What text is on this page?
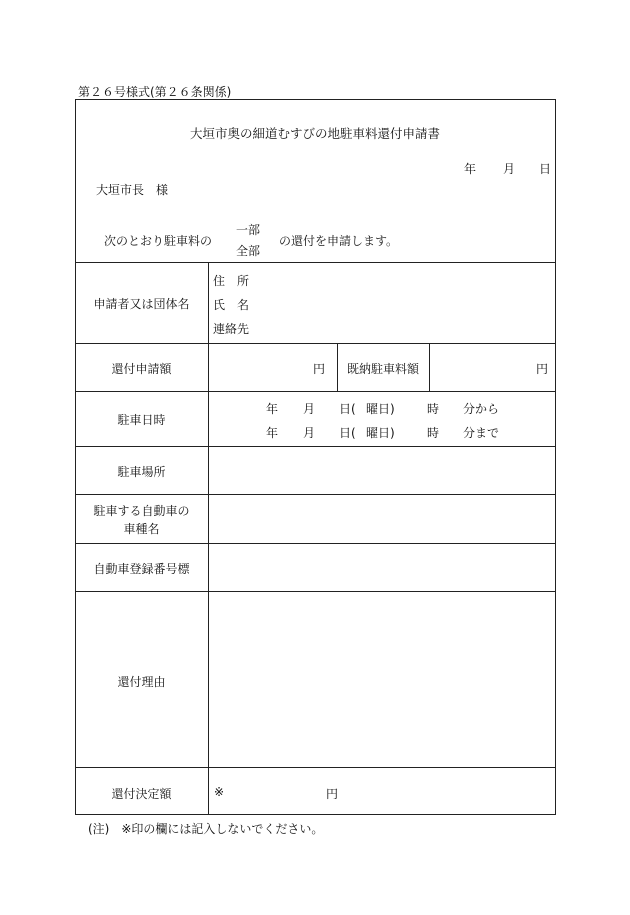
第２６号様式(第２６条関係)
大垣市奥の細道むすびの地駐車料還付申請書
年 月 日
大垣市長　様
次のとおり駐車料の
一部
全部
の還付を申請します。
申請者又は団体名
住　所
氏　名
連絡先
還付申請額	円 既納駐車料額	円
駐車日時
年 月 日( 曜日)	時 分から
年 月 日( 曜日)	時 分まで
駐車場所
駐車する自動車の
車種名
自動車登録番号標
還付理由
還付決定額	※	円
(注)　※印の欄には記入しないでください。
